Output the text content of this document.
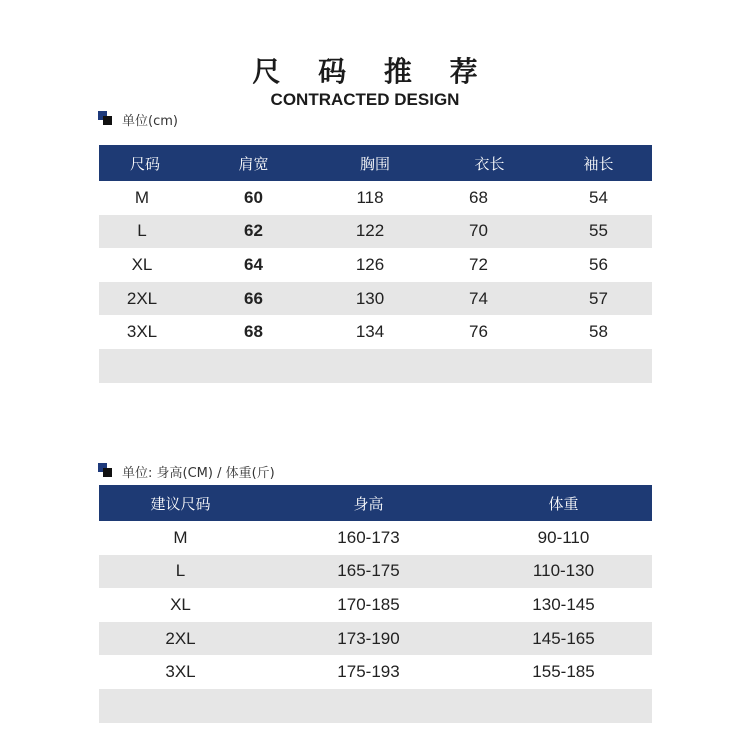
尺 码 推 荐
CONTRACTED DESIGN
单位(cm)
尺码	肩宽	胸围	衣长	袖长
M	60	118	68	54
L	62	122	70	55
XL	64	126	72	56
2XL	66	130	74	57
3XL	68	134	76	58

单位: 身高(CM) / 体重(斤)
建议尺码	身高	体重
M	160-173	90-110
L	165-175	110-130
XL	170-185	130-145
2XL	173-190	145-165
3XL	175-193	155-185
